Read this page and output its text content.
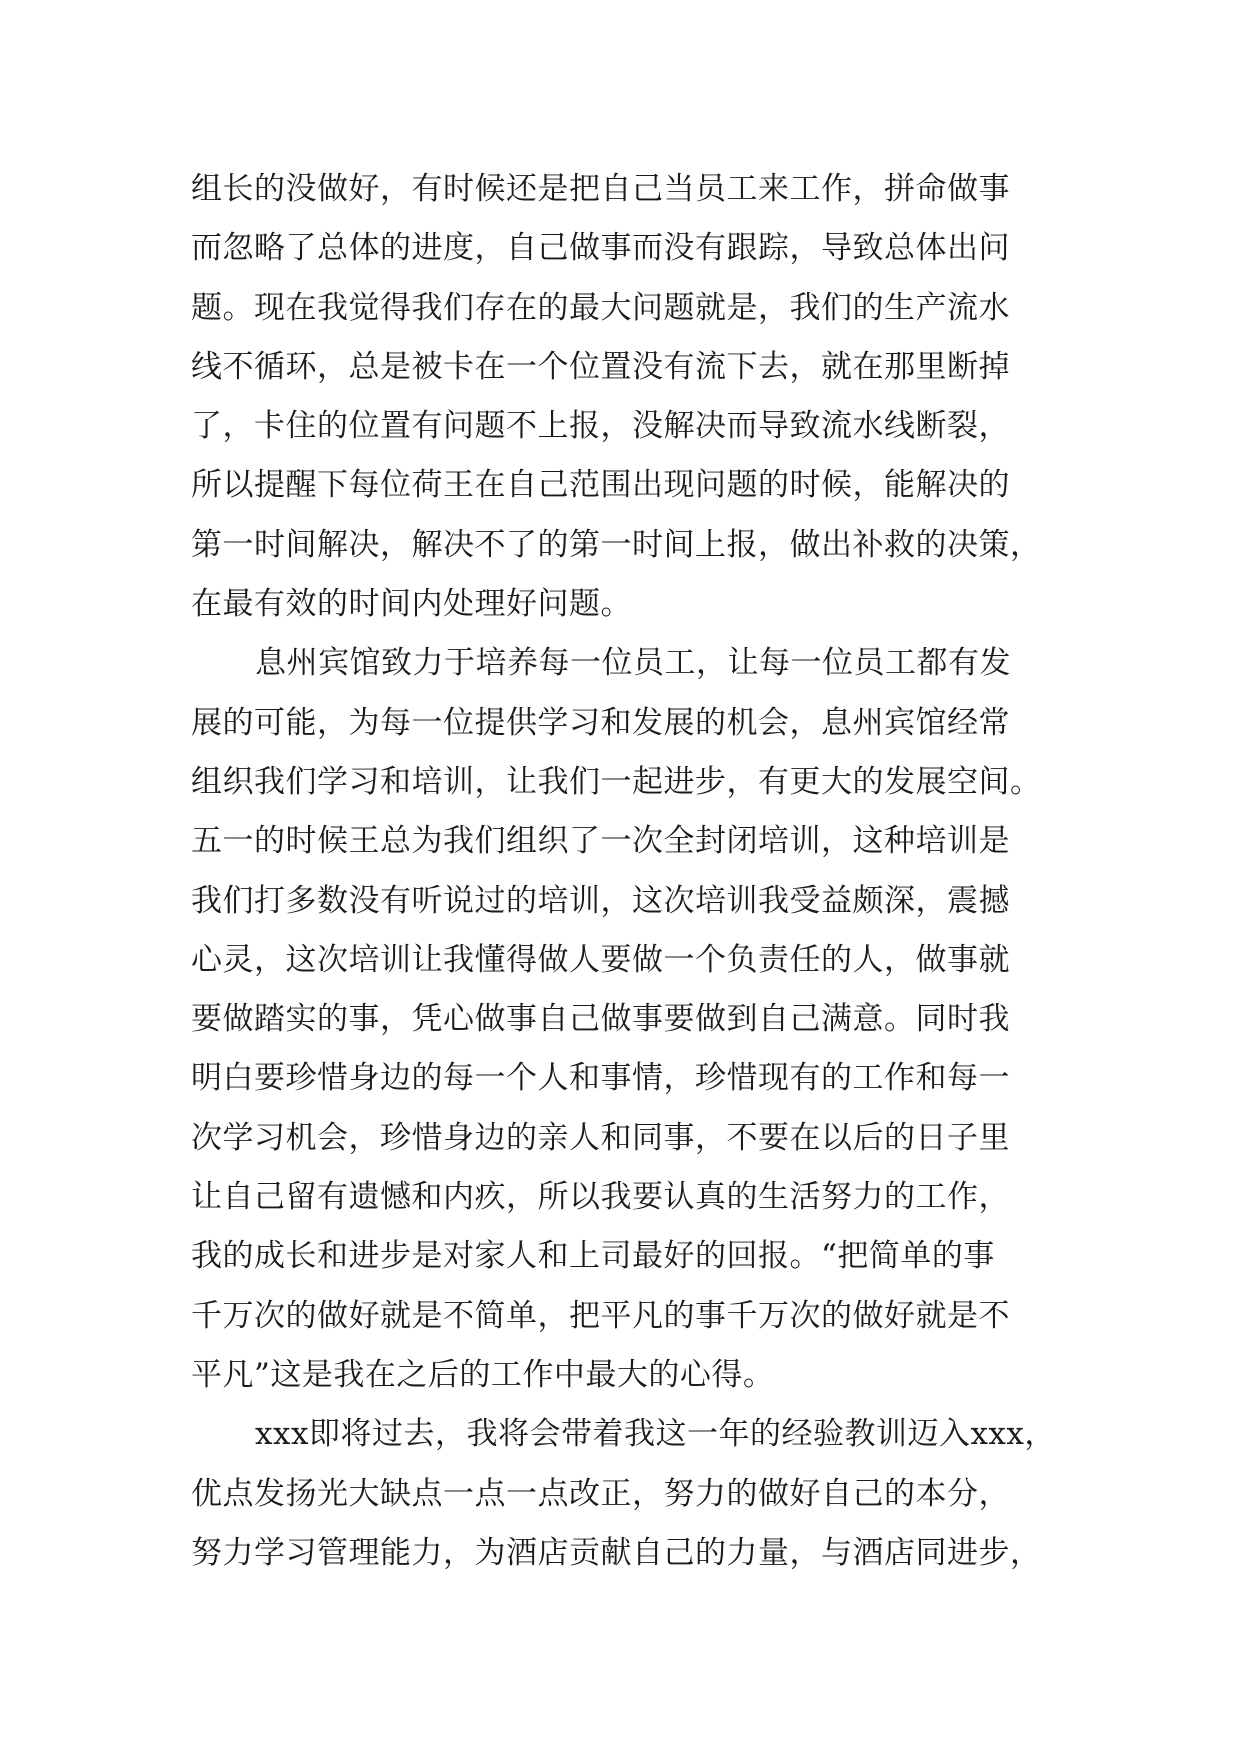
组长的没做好，有时候还是把自己当员工来工作，拼命做事
而忽略了总体的进度，自己做事而没有跟踪，导致总体出问
题。现在我觉得我们存在的最大问题就是，我们的生产流水
线不循环，总是被卡在一个位置没有流下去，就在那里断掉
了，卡住的位置有问题不上报，没解决而导致流水线断裂，
所以提醒下每位荷王在自己范围出现问题的时候，能解决的
第一时间解决，解决不了的第一时间上报，做出补救的决策，
在最有效的时间内处理好问题。
息州宾馆致力于培养每一位员工，让每一位员工都有发
展的可能，为每一位提供学习和发展的机会，息州宾馆经常
组织我们学习和培训，让我们一起进步，有更大的发展空间。
五一的时候王总为我们组织了一次全封闭培训，这种培训是
我们打多数没有听说过的培训，这次培训我受益颇深，震撼
心灵，这次培训让我懂得做人要做一个负责任的人，做事就
要做踏实的事，凭心做事自己做事要做到自己满意。同时我
明白要珍惜身边的每一个人和事情，珍惜现有的工作和每一
次学习机会，珍惜身边的亲人和同事，不要在以后的日子里
让自己留有遗憾和内疚，所以我要认真的生活努力的工作，
我的成长和进步是对家人和上司最好的回报。“把简单的事
千万次的做好就是不简单，把平凡的事千万次的做好就是不
平凡”这是我在之后的工作中最大的心得。
xxx即将过去，我将会带着我这一年的经验教训迈入xxx，
优点发扬光大缺点一点一点改正，努力的做好自己的本分，
努力学习管理能力，为酒店贡献自己的力量，与酒店同进步，
